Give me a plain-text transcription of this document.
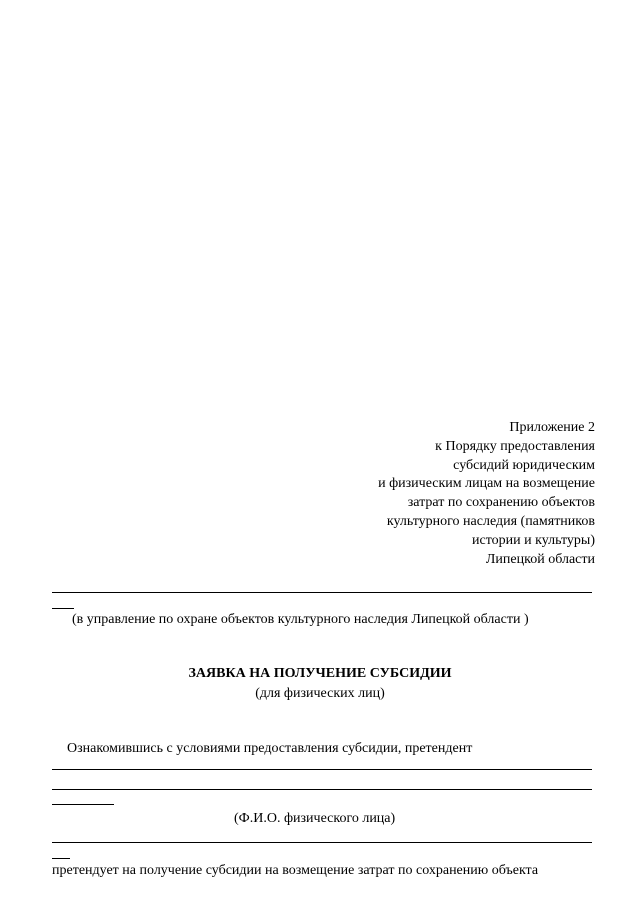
Приложение 2
к Порядку предоставления
субсидий юридическим
и физическим лицам на возмещение
затрат по сохранению объектов
культурного наследия (памятников
истории и культуры)
Липецкой области
(в управление по охране объектов культурного наследия Липецкой области )
ЗАЯВКА НА ПОЛУЧЕНИЕ СУБСИДИИ
(для физических лиц)
Ознакомившись с условиями предоставления субсидии, претендент
(Ф.И.О. физического лица)
претендует на получение субсидии на возмещение затрат по сохранению объекта
